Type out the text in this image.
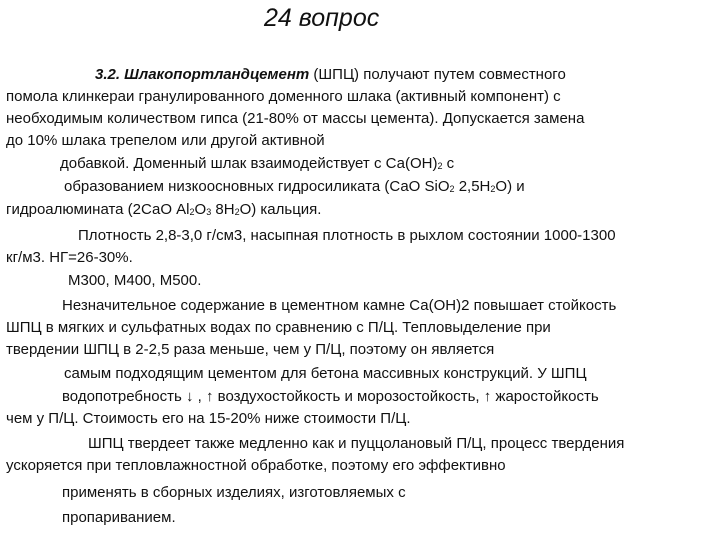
24 вопрос
3.2. Шлакопортландцемент (ШПЦ) получают путем совместного
помола клинкераи гранулированного доменного шлака (активный компонент) с
необходимым количеством гипса (21-80% от массы цемента). Допускается замена
до 10% шлака трепелом или другой активной
добавкой. Доменный шлак взаимодействует с $Са(ОН)_2$ с
образованием низкоосновных гидросиликата (СаО SiО$_2$ $2,5Н_2О$) и
гидроалюмината (2СаО $Аl_2О_3$ $8Н_2О$) кальция.
Плотность 2,8-3,0 г/см3, насыпная плотность в рыхлом состоянии 1000-1300
кг/м3. НГ=26-30%.
М300, М400, М500.
Незначительное содержание в цементном камне Са(ОН)2 повышает стойкость
ШПЦ в мягких и сульфатных водах по сравнению с П/Ц. Тепловыделение при
твердении ШПЦ в 2-2,5 раза меньше, чем у П/Ц, поэтому он является
самым подходящим цементом для бетона массивных конструкций. У ШПЦ
водопотребность ↓ , ↑ воздухостойкость и морозостойкость, ↑ жаростойкость
чем у П/Ц. Стоимость его на 15-20% ниже стоимости П/Ц.
ШПЦ твердеет также медленно как и пуццолановый П/Ц, процесс твердения
ускоряется при тепловлажностной обработке, поэтому его эффективно
применять в сборных изделиях, изготовляемых с
пропариванием.
